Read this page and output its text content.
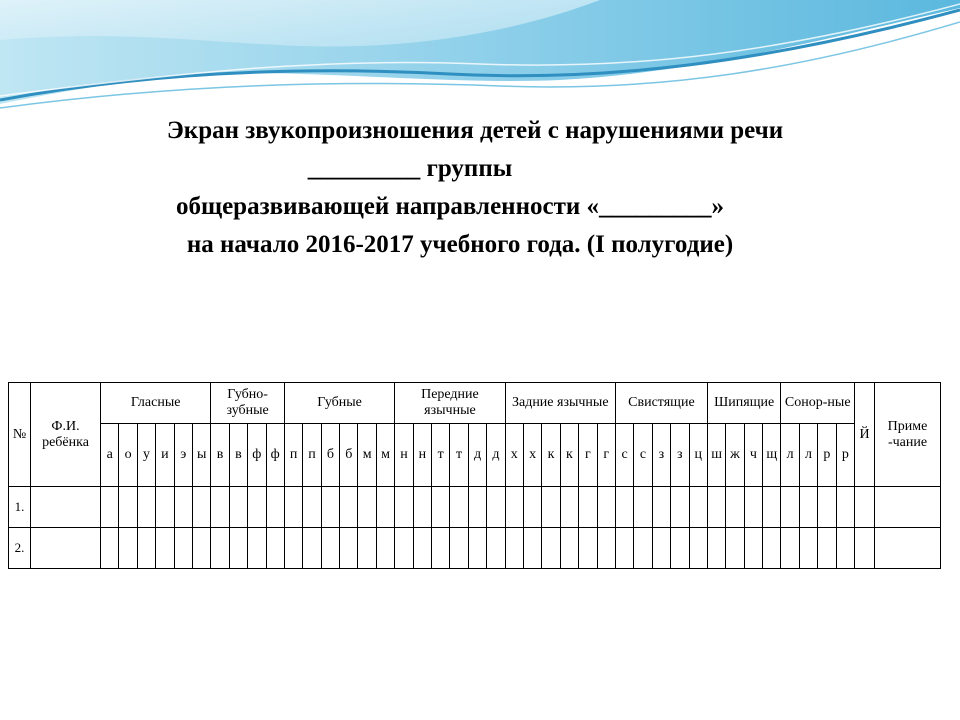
Экран звукопроизношения детей с нарушениями речи
_________ группы
общеразвивающей направленности «_________»
на начало 2016-2017 учебного года. (I полугодие)
№	Ф.И. ребёнка	Гласные						Губно-зубные				Губные						Передние язычные						Задние язычные						Свистящие					Шипящие				Сонор-ные				Й	Приме -чание
		а	о	у	и	э	ы	в	в	ф	ф	п	п	б	б	м	м	н	н	т	т	д	д	х	х	к	к	г	г	с	с	з	з	ц	ш	ж	ч	щ	л	л	р	р		
1.																																												
2.																																												
